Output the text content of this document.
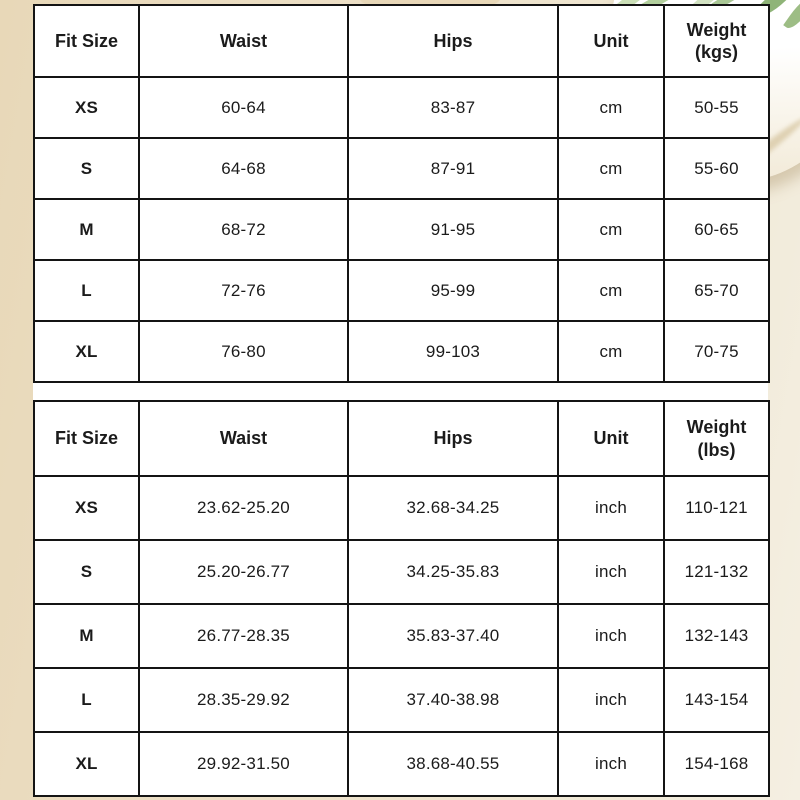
Fit Size	Waist	Hips	Unit	Weight (kgs)
XS	60-64	83-87	cm	50-55
S	64-68	87-91	cm	55-60
M	68-72	91-95	cm	60-65
L	72-76	95-99	cm	65-70
XL	76-80	99-103	cm	70-75
Fit Size	Waist	Hips	Unit	Weight (lbs)
XS	23.62-25.20	32.68-34.25	inch	110-121
S	25.20-26.77	34.25-35.83	inch	121-132
M	26.77-28.35	35.83-37.40	inch	132-143
L	28.35-29.92	37.40-38.98	inch	143-154
XL	29.92-31.50	38.68-40.55	inch	154-168
